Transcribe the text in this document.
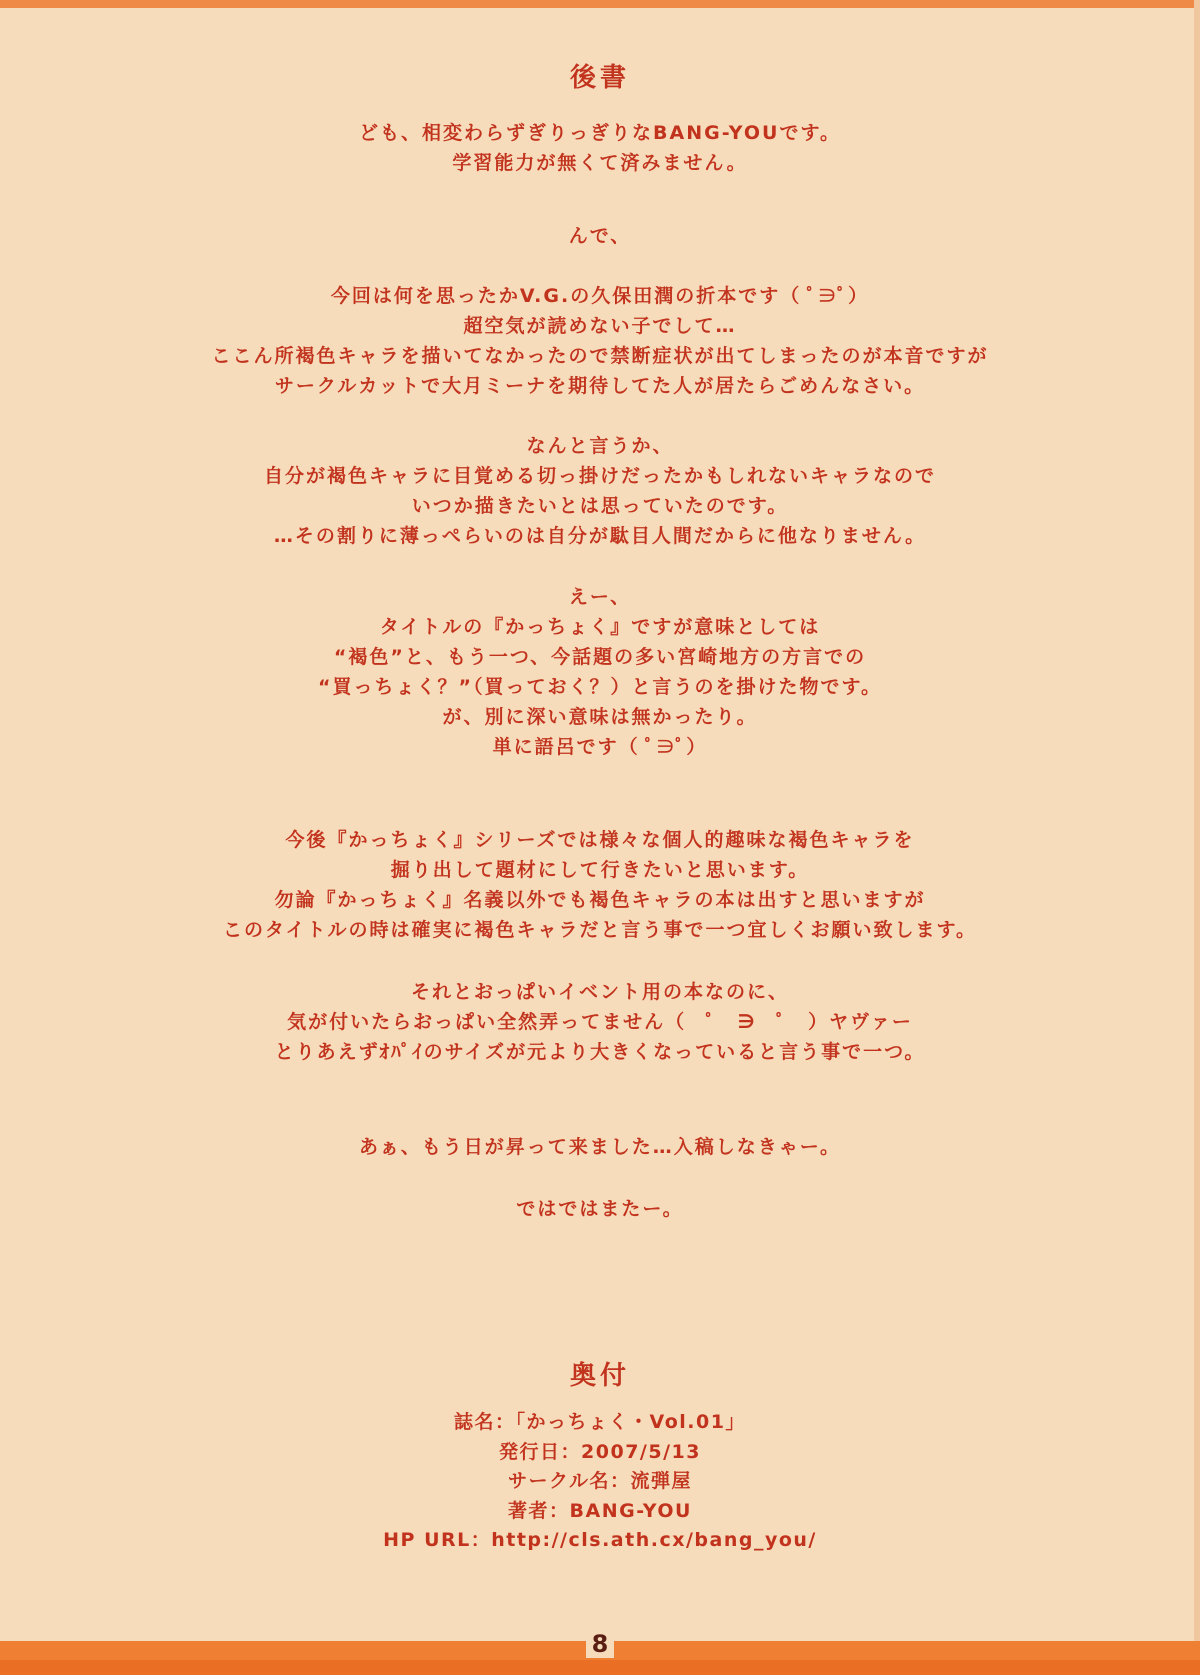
後書
ども、相変わらずぎりっぎりなBANG-YOUです。
学習能力が無くて済みません。
んで、
今回は何を思ったかV.G.の久保田潤の折本です（ ﾟ∋ﾟ）
超空気が読めない子でして…
ここん所褐色キャラを描いてなかったので禁断症状が出てしまったのが本音ですが
サークルカットで大月ミーナを期待してた人が居たらごめんなさい。
なんと言うか、
自分が褐色キャラに目覚める切っ掛けだったかもしれないキャラなので
いつか描きたいとは思っていたのです。
…その割りに薄っぺらいのは自分が駄目人間だからに他なりません。
えー、
タイトルの『かっちょく』ですが意味としては
“褐色”と、もう一つ、今話題の多い宮崎地方の方言での
“買っちょく？”（買っておく？）と言うのを掛けた物です。
が、別に深い意味は無かったり。
単に語呂です（ ﾟ∋ﾟ）
今後『かっちょく』シリーズでは様々な個人的趣味な褐色キャラを
掘り出して題材にして行きたいと思います。
勿論『かっちょく』名義以外でも褐色キャラの本は出すと思いますが
このタイトルの時は確実に褐色キャラだと言う事で一つ宜しくお願い致します。
それとおっぱいイベント用の本なのに、
気が付いたらおっぱい全然弄ってません（　ﾟ　∋　ﾟ　）ヤヴァー
とりあえずｵﾊﾟｲのサイズが元より大きくなっていると言う事で一つ。
あぁ、もう日が昇って来ました…入稿しなきゃー。
ではではまたー。
奥付
誌名：「かっちょく・Vol.01」
発行日：2007/5/13
サークル名：流弾屋
著者：BANG-YOU
HP URL：http://cls.ath.cx/bang_you/
8
